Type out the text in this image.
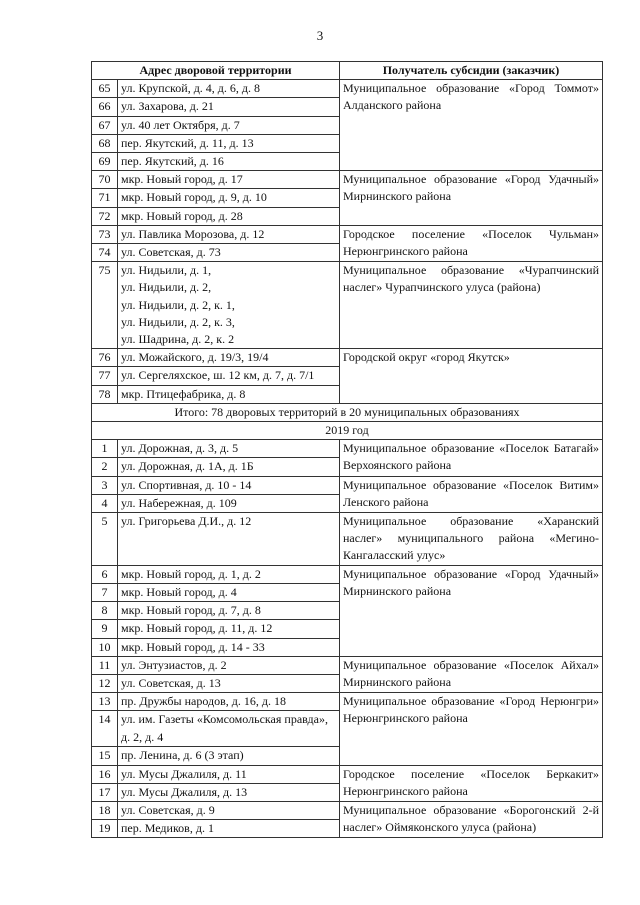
3
Адрес дворовой территории		Получатель субсидии (заказчик)
65	ул. Крупской, д. 4, д. 6, д. 8	Муниципальное образование «Город Томмот» Алданского района
66	ул. Захарова, д. 21	
67	ул. 40 лет Октября, д. 7	
68	пер. Якутский, д. 11, д. 13	
69	пер. Якутский, д. 16	
70	мкр. Новый город, д. 17	Муниципальное образование «Город Удачный» Мирнинского района
71	мкр. Новый город, д. 9, д. 10	
72	мкр. Новый город, д. 28	
73	ул. Павлика Морозова, д. 12	Городское поселение «Поселок Чульман» Нерюнгринского района
74	ул. Советская, д. 73	
75	ул. Нидьили, д. 1,
ул. Нидьили, д. 2,
ул. Нидьили, д. 2, к. 1,
ул. Нидьили, д. 2, к. 3,
ул. Шадрина, д. 2, к. 2	Муниципальное образование «Чурапчинский наслег» Чурапчинского улуса (района)
76	ул. Можайского, д. 19/3, 19/4	Городской округ «город Якутск»
77	ул. Сергеляхское, ш. 12 км, д. 7, д. 7/1	
78	мкр. Птицефабрика, д. 8	
Итого: 78 дворовых территорий в 20 муниципальных образованиях		
2019 год		
1	ул. Дорожная, д. 3, д. 5	Муниципальное образование «Поселок Батагай» Верхоянского района
2	ул. Дорожная, д. 1А, д. 1Б	
3	ул. Спортивная, д. 10 - 14	Муниципальное образование «Поселок Витим» Ленского района
4	ул. Набережная, д. 109	
5	ул. Григорьева Д.И., д. 12	Муниципальное образование «Харанский наслег» муниципального района «Мегино-Кангаласский улус»
6	мкр. Новый город, д. 1, д. 2	Муниципальное образование «Город Удачный» Мирнинского района
7	мкр. Новый город, д. 4	
8	мкр. Новый город, д. 7, д. 8	
9	мкр. Новый город, д. 11, д. 12	
10	мкр. Новый город, д. 14 - 33	
11	ул. Энтузиастов, д. 2	Муниципальное образование «Поселок Айхал» Мирнинского района
12	ул. Советская, д. 13	
13	пр. Дружбы народов, д. 16, д. 18	Муниципальное образование «Город Нерюнгри» Нерюнгринского района
14	ул. им. Газеты «Комсомольская правда», д. 2, д. 4	
15	пр. Ленина, д. 6 (3 этап)	
16	ул. Мусы Джалиля, д. 11	Городское поселение «Поселок Беркакит» Нерюнгринского района
17	ул. Мусы Джалиля, д. 13	
18	ул. Советская, д. 9	Муниципальное образование «Борогонский 2-й наслег» Оймяконского улуса (района)
19	пер. Медиков, д. 1	
